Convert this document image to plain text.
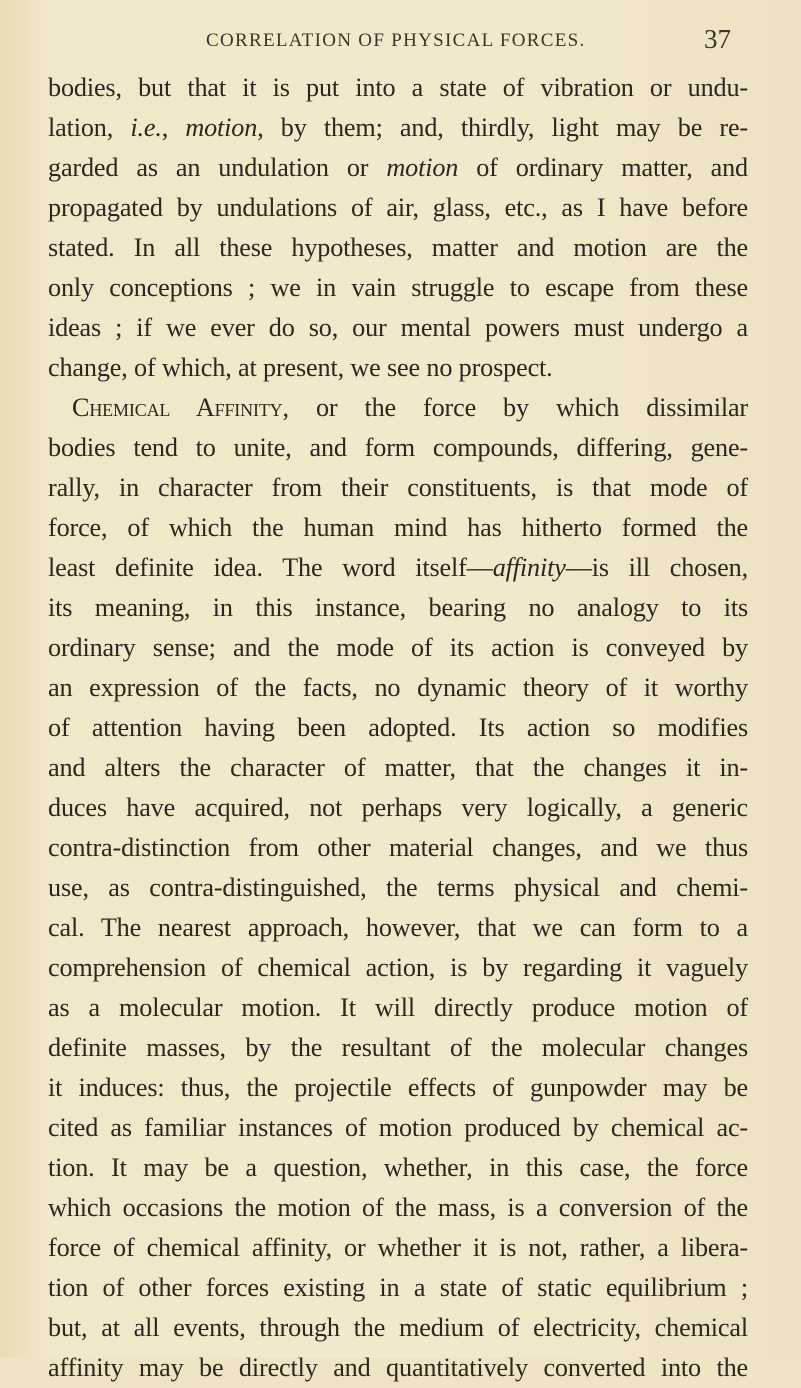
CORRELATION OF PHYSICAL FORCES.	37
bodies, but that it is put into a state of vibration or undu-
lation, i.e., motion, by them; and, thirdly, light may be re-
garded as an undulation or motion of ordinary matter, and
propagated by undulations of air, glass, etc., as I have before
stated. In all these hypotheses, matter and motion are the
only conceptions ; we in vain struggle to escape from these
ideas ; if we ever do so, our mental powers must undergo a
change, of which, at present, we see no prospect.
Chemical Affinity, or the force by which dissimilar
bodies tend to unite, and form compounds, differing, gene-
rally, in character from their constituents, is that mode of
force, of which the human mind has hitherto formed the
least definite idea. The word itself—affinity—is ill chosen,
its meaning, in this instance, bearing no analogy to its
ordinary sense; and the mode of its action is conveyed by
an expression of the facts, no dynamic theory of it worthy
of attention having been adopted. Its action so modifies
and alters the character of matter, that the changes it in-
duces have acquired, not perhaps very logically, a generic
contra-distinction from other material changes, and we thus
use, as contra-distinguished, the terms physical and chemi-
cal. The nearest approach, however, that we can form to a
comprehension of chemical action, is by regarding it vaguely
as a molecular motion. It will directly produce motion of
definite masses, by the resultant of the molecular changes
it induces: thus, the projectile effects of gunpowder may be
cited as familiar instances of motion produced by chemical ac-
tion. It may be a question, whether, in this case, the force
which occasions the motion of the mass, is a conversion of the
force of chemical affinity, or whether it is not, rather, a libera-
tion of other forces existing in a state of static equilibrium ;
but, at all events, through the medium of electricity, chemical
affinity may be directly and quantitatively converted into the
